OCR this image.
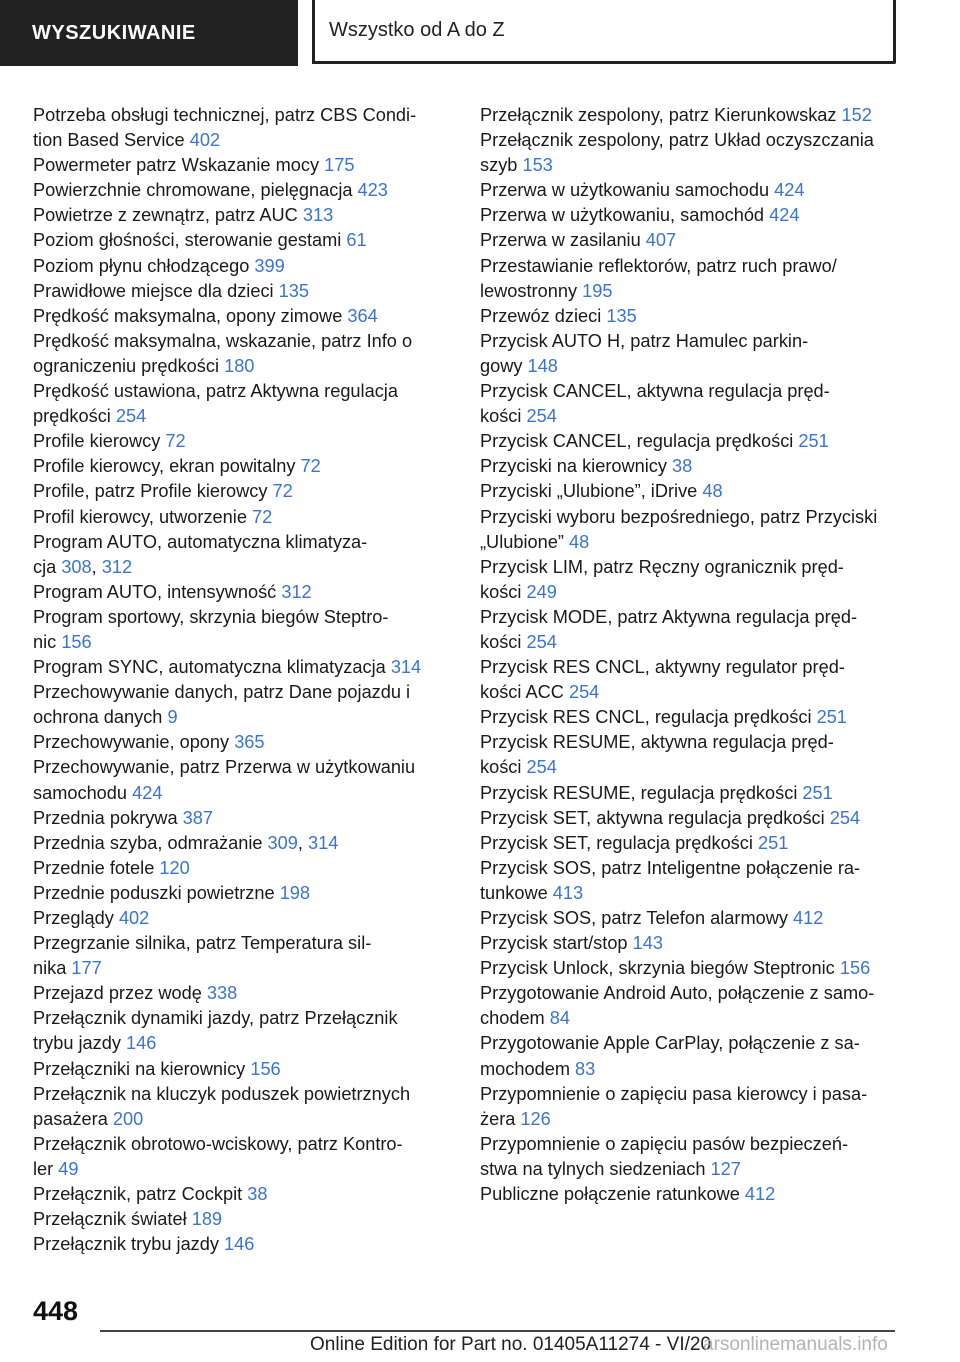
WYSZUKIWANIE	Wszystko od A do Z
Potrzeba obsługi technicznej, patrz CBS Condi-
tion Based Service 402
Powermeter patrz Wskazanie mocy 175
Powierzchnie chromowane, pielęgnacja 423
Powietrze z zewnątrz, patrz AUC 313
Poziom głośności, sterowanie gestami 61
Poziom płynu chłodzącego 399
Prawidłowe miejsce dla dzieci 135
Prędkość maksymalna, opony zimowe 364
Prędkość maksymalna, wskazanie, patrz Info o
ograniczeniu prędkości 180
Prędkość ustawiona, patrz Aktywna regulacja
prędkości 254
Profile kierowcy 72
Profile kierowcy, ekran powitalny 72
Profile, patrz Profile kierowcy 72
Profil kierowcy, utworzenie 72
Program AUTO, automatyczna klimatyza-
cja 308, 312
Program AUTO, intensywność 312
Program sportowy, skrzynia biegów Steptro-
nic 156
Program SYNC, automatyczna klimatyzacja 314
Przechowywanie danych, patrz Dane pojazdu i
ochrona danych 9
Przechowywanie, opony 365
Przechowywanie, patrz Przerwa w użytkowaniu
samochodu 424
Przednia pokrywa 387
Przednia szyba, odmrażanie 309, 314
Przednie fotele 120
Przednie poduszki powietrzne 198
Przeglądy 402
Przegrzanie silnika, patrz Temperatura sil-
nika 177
Przejazd przez wodę 338
Przełącznik dynamiki jazdy, patrz Przełącznik
trybu jazdy 146
Przełączniki na kierownicy 156
Przełącznik na kluczyk poduszek powietrznych
pasażera 200
Przełącznik obrotowo-wciskowy, patrz Kontro-
ler 49
Przełącznik, patrz Cockpit 38
Przełącznik świateł 189
Przełącznik trybu jazdy 146
Przełącznik zespolony, patrz Kierunkowskaz 152
Przełącznik zespolony, patrz Układ oczyszczania
szyb 153
Przerwa w użytkowaniu samochodu 424
Przerwa w użytkowaniu, samochód 424
Przerwa w zasilaniu 407
Przestawianie reflektorów, patrz ruch prawo/
lewostronny 195
Przewóz dzieci 135
Przycisk AUTO H, patrz Hamulec parkin-
gowy 148
Przycisk CANCEL, aktywna regulacja pręd-
kości 254
Przycisk CANCEL, regulacja prędkości 251
Przyciski na kierownicy 38
Przyciski „Ulubione”, iDrive 48
Przyciski wyboru bezpośredniego, patrz Przyciski
„Ulubione” 48
Przycisk LIM, patrz Ręczny ogranicznik pręd-
kości 249
Przycisk MODE, patrz Aktywna regulacja pręd-
kości 254
Przycisk RES CNCL, aktywny regulator pręd-
kości ACC 254
Przycisk RES CNCL, regulacja prędkości 251
Przycisk RESUME, aktywna regulacja pręd-
kości 254
Przycisk RESUME, regulacja prędkości 251
Przycisk SET, aktywna regulacja prędkości 254
Przycisk SET, regulacja prędkości 251
Przycisk SOS, patrz Inteligentne połączenie ra-
tunkowe 413
Przycisk SOS, patrz Telefon alarmowy 412
Przycisk start/stop 143
Przycisk Unlock, skrzynia biegów Steptronic 156
Przygotowanie Android Auto, połączenie z samo-
chodem 84
Przygotowanie Apple CarPlay, połączenie z sa-
mochodem 83
Przypomnienie o zapięciu pasa kierowcy i pasa-
żera 126
Przypomnienie o zapięciu pasów bezpieczeń-
stwa na tylnych siedzeniach 127
Publiczne połączenie ratunkowe 412
448
Online Edition for Part no. 01405A11274 - VI/20
arsonlinemanuals.info
